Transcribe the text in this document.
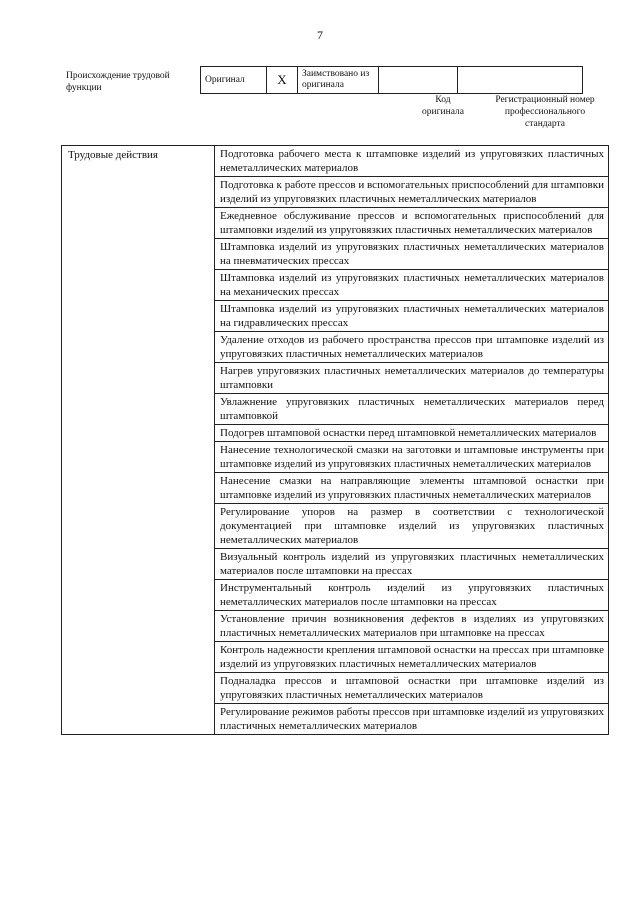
7
Происхождение трудовой функции
Оригинал	X	Заимствовано из оригинала		
Код оригинала
Регистрационный номер профессионального стандарта
Трудовые действия	Подготовка рабочего места к штамповке изделий из упруговязких пластичных неметаллических материалов
Подготовка к работе прессов и вспомогательных приспособлений для штамповки изделий из упруговязких пластичных неметаллических материалов
Ежедневное обслуживание прессов и вспомогательных приспособлений для штамповки изделий из упруговязких пластичных неметаллических материалов
Штамповка изделий из упруговязких пластичных неметаллических материалов на пневматических прессах
Штамповка изделий из упруговязких пластичных неметаллических материалов на механических прессах
Штамповка изделий из упруговязких пластичных неметаллических материалов на гидравлических прессах
Удаление отходов из рабочего пространства прессов при штамповке изделий из упруговязких пластичных неметаллических материалов
Нагрев упруговязких пластичных неметаллических материалов до температуры штамповки
Увлажнение упруговязких пластичных неметаллических материалов перед штамповкой
Подогрев штамповой оснастки перед штамповкой неметаллических материалов
Нанесение технологической смазки на заготовки и штамповые инструменты при штамповке изделий из упруговязких пластичных неметаллических материалов
Нанесение смазки на направляющие элементы штамповой оснастки при штамповке изделий из упруговязких пластичных неметаллических материалов
Регулирование упоров на размер в соответствии с технологической документацией при штамповке изделий из упруговязких пластичных неметаллических материалов
Визуальный контроль изделий из упруговязких пластичных неметаллических материалов после штамповки на прессах
Инструментальный контроль изделий из упруговязких пластичных неметаллических материалов после штамповки на прессах
Установление причин возникновения дефектов в изделиях из упруговязких пластичных неметаллических материалов при штамповке на прессах
Контроль надежности крепления штамповой оснастки на прессах при штамповке изделий из упруговязких пластичных неметаллических материалов
Подналадка прессов и штамповой оснастки при штамповке изделий из упруговязких пластичных неметаллических материалов
Регулирование режимов работы прессов при штамповке изделий из упруговязких пластичных неметаллических материалов
